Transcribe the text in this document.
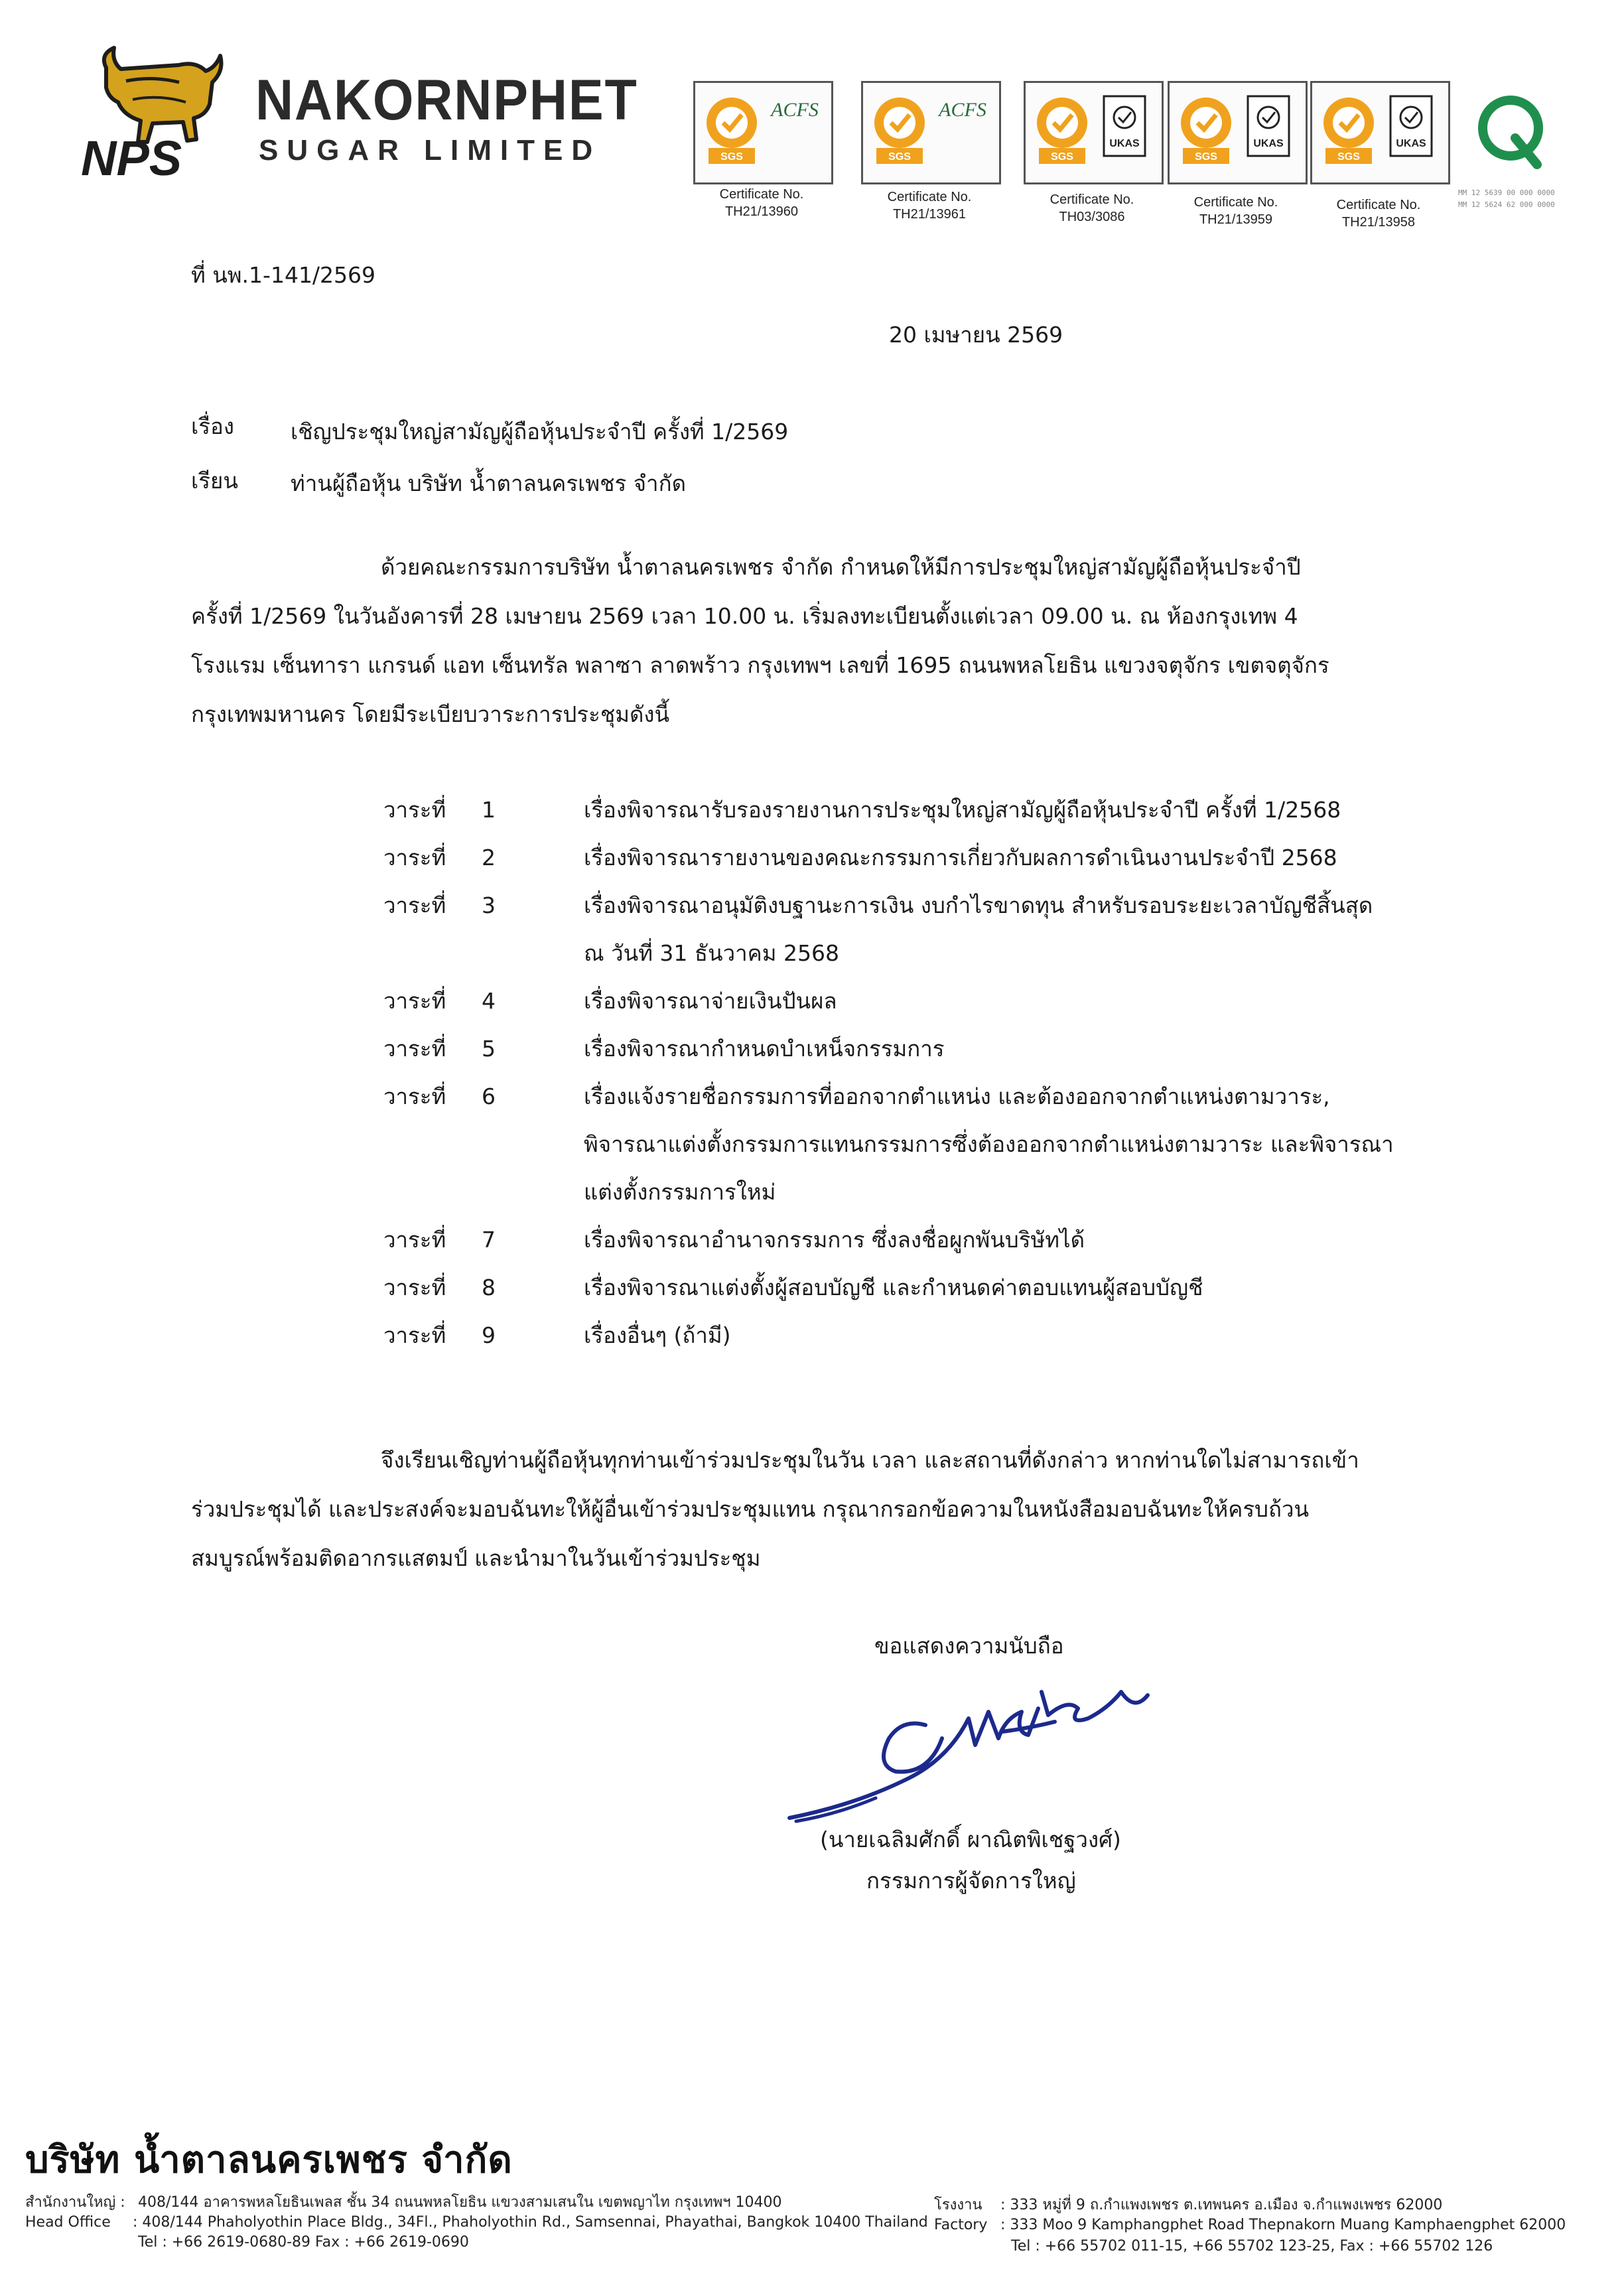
NPS
NAKORNPHET
SUGAR LIMITED	SGS
ACFS
Certificate No.
TH21/13960
SGS
ACFS
Certificate No.
TH21/13961
SGS
UKAS
Certificate No.
TH03/3086
SGS
UKAS
Certificate No.
TH21/13959
SGS
UKAS
Certificate No.
TH21/13958
MM 12 5639 00 000 0000
MM 12 5624 62 000 0000
ที่ นพ.1-141/2569
20 เมษายน 2569
เรื่อง	เชิญประชุมใหญ่สามัญผู้ถือหุ้นประจำปี ครั้งที่ 1/2569
เรียน ท่านผู้ถือหุ้น บริษัท น้ำตาลนครเพชร จำกัด
ด้วยคณะกรรมการบริษัท น้ำตาลนครเพชร จำกัด กำหนดให้มีการประชุมใหญ่สามัญผู้ถือหุ้นประจำปี
ครั้งที่ 1/2569 ในวันอังคารที่ 28 เมษายน 2569 เวลา 10.00 น. เริ่มลงทะเบียนตั้งแต่เวลา 09.00 น. ณ ห้องกรุงเทพ 4
โรงแรม เซ็นทารา แกรนด์ แอท เซ็นทรัล พลาซา ลาดพร้าว กรุงเทพฯ เลขที่ 1695 ถนนพหลโยธิน แขวงจตุจักร เขตจตุจักร
กรุงเทพมหานคร โดยมีระเบียบวาระการประชุมดังนี้
วาระที่ 1	เรื่องพิจารณารับรองรายงานการประชุมใหญ่สามัญผู้ถือหุ้นประจำปี ครั้งที่ 1/2568
วาระที่ 2	เรื่องพิจารณารายงานของคณะกรรมการเกี่ยวกับผลการดำเนินงานประจำปี 2568
วาระที่ 3	เรื่องพิจารณาอนุมัติงบฐานะการเงิน งบกำไรขาดทุน สำหรับรอบระยะเวลาบัญชีสิ้นสุด
ณ วันที่ 31 ธันวาคม 2568
วาระที่ 4	เรื่องพิจารณาจ่ายเงินปันผล
วาระที่ 5	เรื่องพิจารณากำหนดบำเหน็จกรรมการ
วาระที่ 6	เรื่องแจ้งรายชื่อกรรมการที่ออกจากตำแหน่ง และต้องออกจากตำแหน่งตามวาระ,
พิจารณาแต่งตั้งกรรมการแทนกรรมการซึ่งต้องออกจากตำแหน่งตามวาระ และพิจารณา
แต่งตั้งกรรมการใหม่
วาระที่ 7	เรื่องพิจารณาอำนาจกรรมการ ซึ่งลงชื่อผูกพันบริษัทได้
วาระที่ 8	เรื่องพิจารณาแต่งตั้งผู้สอบบัญชี และกำหนดค่าตอบแทนผู้สอบบัญชี
วาระที่ 9	เรื่องอื่นๆ (ถ้ามี)
จึงเรียนเชิญท่านผู้ถือหุ้นทุกท่านเข้าร่วมประชุมในวัน เวลา และสถานที่ดังกล่าว หากท่านใดไม่สามารถเข้า
ร่วมประชุมได้ และประสงค์จะมอบฉันทะให้ผู้อื่นเข้าร่วมประชุมแทน กรุณากรอกข้อความในหนังสือมอบฉันทะให้ครบถ้วน
สมบูรณ์พร้อมติดอากรแสตมป์ และนำมาในวันเข้าร่วมประชุม
ขอแสดงความนับถือ
(นายเฉลิมศักดิ์ ผาณิตพิเชฐวงศ์)
กรรมการผู้จัดการใหญ่
บริษัท น้ำตาลนครเพชร จำกัด
สำนักงานใหญ่ :
Head Office
408/144 อาคารพหลโยธินเพลส ชั้น 34 ถนนพหลโยธิน แขวงสามเสนใน เขตพญาไท กรุงเทพฯ 10400
: 408/144 Phaholyothin Place Bldg., 34Fl., Phaholyothin Rd., Samsennai, Phayathai, Bangkok 10400 Thailand
Tel : +66 2619-0680-89 Fax : +66 2619-0690
โรงงาน
Factory
: 333 หมู่ที่ 9 ถ.กำแพงเพชร ต.เทพนคร อ.เมือง จ.กำแพงเพชร 62000
: 333 Moo 9 Kamphangphet Road Thepnakorn Muang Kamphaengphet 62000
Tel : +66 55702 011-15, +66 55702 123-25, Fax : +66 55702 126
